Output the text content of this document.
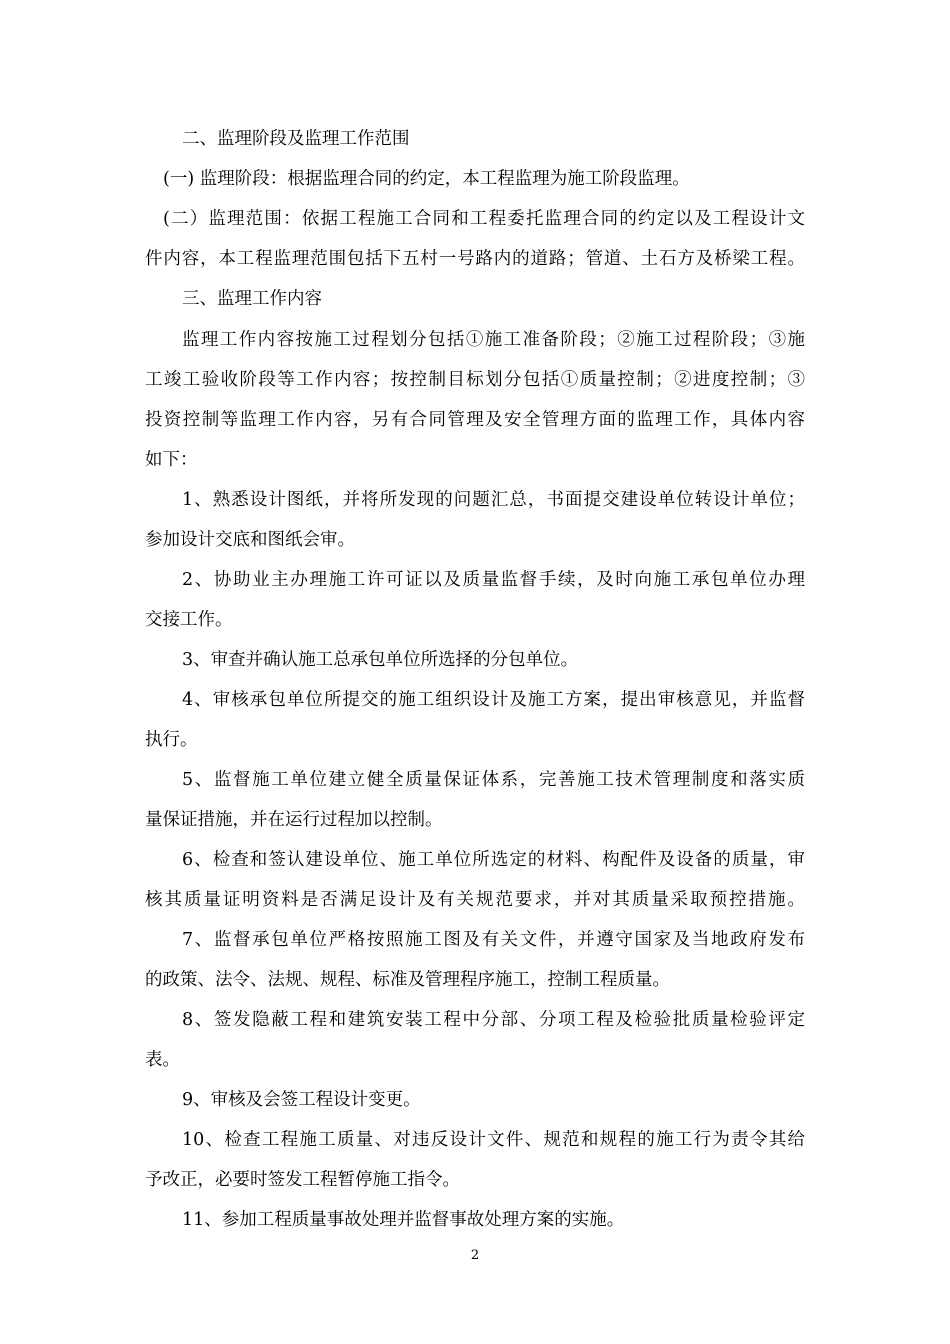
二、监理阶段及监理工作范围
(一) 监理阶段：根据监理合同的约定，本工程监理为施工阶段监理。
(二）监理范围：依据工程施工合同和工程委托监理合同的约定以及工程设计文
件内容，本工程监理范围包括下五村一号路内的道路；管道、土石方及桥梁工程。
三、监理工作内容
监理工作内容按施工过程划分包括①施工准备阶段；②施工过程阶段；③施
工竣工验收阶段等工作内容；按控制目标划分包括①质量控制；②进度控制；③
投资控制等监理工作内容，另有合同管理及安全管理方面的监理工作，具体内容
如下：
1、熟悉设计图纸，并将所发现的问题汇总，书面提交建设单位转设计单位；
参加设计交底和图纸会审。
2、协助业主办理施工许可证以及质量监督手续，及时向施工承包单位办理
交接工作。
3、审查并确认施工总承包单位所选择的分包单位。
4、审核承包单位所提交的施工组织设计及施工方案，提出审核意见，并监督
执行。
5、监督施工单位建立健全质量保证体系，完善施工技术管理制度和落实质
量保证措施，并在运行过程加以控制。
6、检查和签认建设单位、施工单位所选定的材料、构配件及设备的质量，审
核其质量证明资料是否满足设计及有关规范要求，并对其质量采取预控措施。
7、监督承包单位严格按照施工图及有关文件，并遵守国家及当地政府发布
的政策、法令、法规、规程、标准及管理程序施工，控制工程质量。
8、签发隐蔽工程和建筑安装工程中分部、分项工程及检验批质量检验评定
表。
9、审核及会签工程设计变更。
10、检查工程施工质量、对违反设计文件、规范和规程的施工行为责令其给
予改正，必要时签发工程暂停施工指令。
11、参加工程质量事故处理并监督事故处理方案的实施。
2
